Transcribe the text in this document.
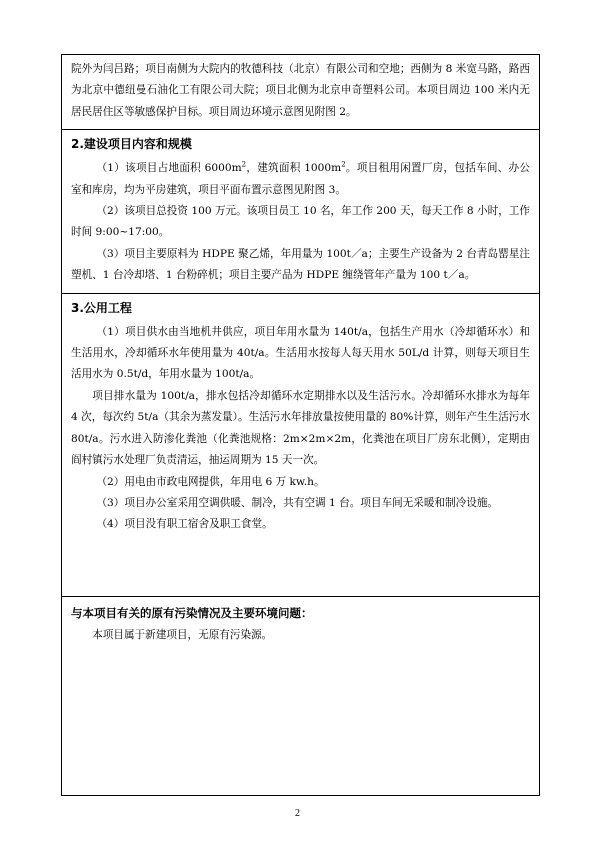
院外为闫吕路；项目南侧为大院内的牧德科技（北京）有限公司和空地；西侧为 8 米宽马路，路西为北京中德纽曼石油化工有限公司大院；项目北侧为北京申奇塑料公司。本项目周边 100 米内无居民居住区等敏感保护目标。项目周边环境示意图见附图 2。

2.建设项目内容和规模

（1）该项目占地面积 $6000m^2$，建筑面积 $1000m^2$。项目租用闲置厂房，包括车间、办公室和库房，均为平房建筑，项目平面布置示意图见附图 3。

（2）该项目总投资 100 万元。该项目员工 10 名，年工作 200 天，每天工作 8 小时，工作时间 9:00~17:00。

（3）项目主要原料为 HDPE 聚乙烯，年用量为 100t／a；主要生产设备为 2 台青岛罂星注塑机、1 台冷却塔、1 台粉碎机；项目主要产品为 HDPE 缠绕管年产量为 100 t／a。

3.公用工程

（1）项目供水由当地机井供应，项目年用水量为 140t/a，包括生产用水（冷却循环水）和生活用水，冷却循环水年使用量为 40t/a。生活用水按每人每天用水 50L/d 计算，则每天项目生活用水为 0.5t/d，年用水量为 100t/a。

项目排水量为 100t/a，排水包括冷却循环水定期排水以及生活污水。冷却循环水排水为每年 4 次，每次约 5t/a（其余为蒸发量）。生活污水年排放量按使用量的 80%计算，则年产生生活污水 80t/a。污水进入防渗化粪池（化粪池规格：2m×2m×2m，化粪池在项目厂房东北侧），定期由阎村镇污水处理厂负责清运，抽运周期为 15 天一次。

（2）用电由市政电网提供，年用电 6 万 kw.h。

（3）项目办公室采用空调供暖、制冷，共有空调 1 台。项目车间无采暖和制冷设施。

（4）项目没有职工宿舍及职工食堂。

与本项目有关的原有污染情况及主要环境问题：

本项目属于新建项目，无原有污染源。

2
